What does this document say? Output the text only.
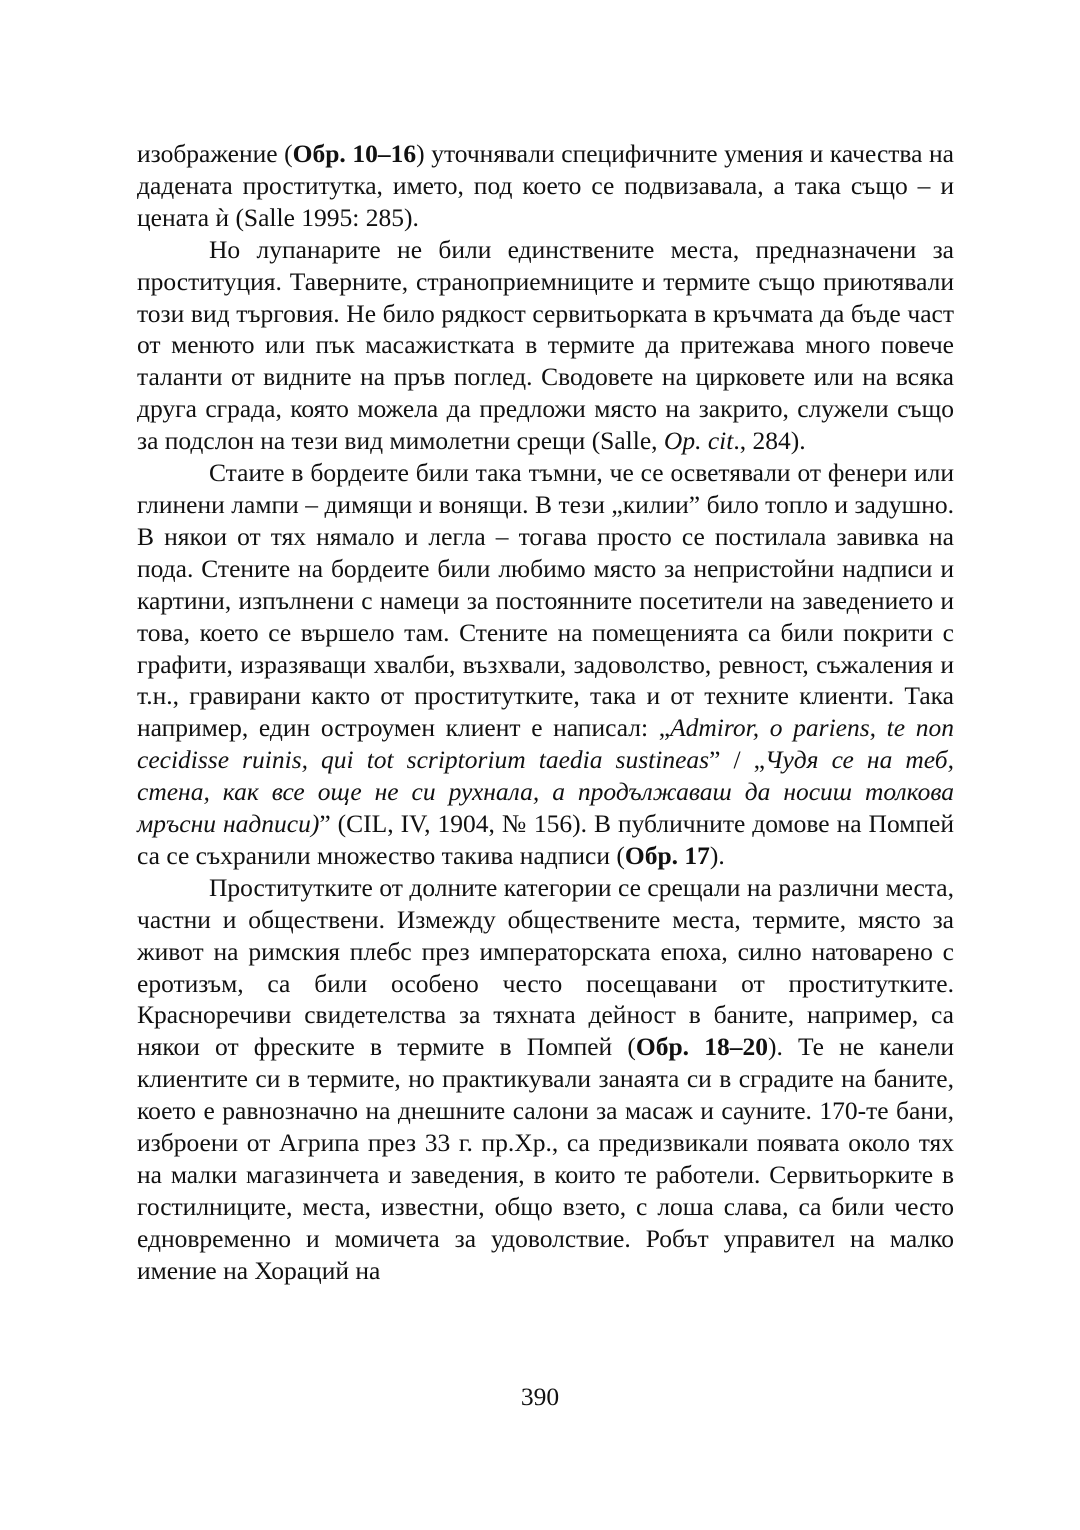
изображение (Обр. 10–16) уточнявали специфичните умения и качества на дадената проститутка, името, под което се подвизавала, а така също – и цената ѝ (Salle 1995: 285).

Но лупанарите не били единствените места, предназначени за проституция. Таверните, страноприемниците и термите също приютявали този вид търговия. Не било рядкост сервитьорката в кръчмата да бъде част от менюто или пък масажистката в термите да притежава много повече таланти от видните на пръв поглед. Сводовете на цирковете или на всяка друга сграда, която можела да предложи място на закрито, служели също за подслон на тези вид мимолетни срещи (Salle, Op. cit., 284).

Стаите в бордеите били така тъмни, че се осветявали от фенери или глинени лампи – димящи и вонящи. В тези „килии” било топло и задушно. В някои от тях нямало и легла – тогава просто се постилала завивка на пода. Стените на бордеите били любимо място за непристойни надписи и картини, изпълнени с намеци за постоянните посетители на заведението и това, което се вършело там. Стените на помещенията са били покрити с графити, изразяващи хвалби, възхвали, задоволство, ревност, съжаления и т.н., гравирани както от проститутките, така и от техните клиенти. Така например, един остроумен клиент е написал: „Admiror, o pariens, te non cecidisse ruinis, qui tot scriptorium taedia sustineas” / „Чудя се на теб, стена, как все още не си рухнала, а продължаваш да носиш толкова мръсни надписи)” (CIL, IV, 1904, № 156). В публичните домове на Помпей са се съхранили множество такива надписи (Обр. 17).

Проститутките от долните категории се срещали на различни места, частни и обществени. Измежду обществените места, термите, място за живот на римския плебс през императорската епоха, силно натоварено с еротизъм, са били особено често посещавани от проститутките. Красноречиви свидетелства за тяхната дейност в баните, например, са някои от фреските в термите в Помпей (Обр. 18–20). Те не канели клиентите си в термите, но практикували занаята си в сградите на баните, което е равнозначно на днешните салони за масаж и сауните. 170-те бани, изброени от Агрипа през 33 г. пр.Хр., са предизвикали появата около тях на малки магазинчета и заведения, в които те работели. Сервитьорките в гостилниците, места, известни, общо взето, с лоша слава, са били често едновременно и момичета за удоволствие. Робът управител на малко имение на Хораций на

390
